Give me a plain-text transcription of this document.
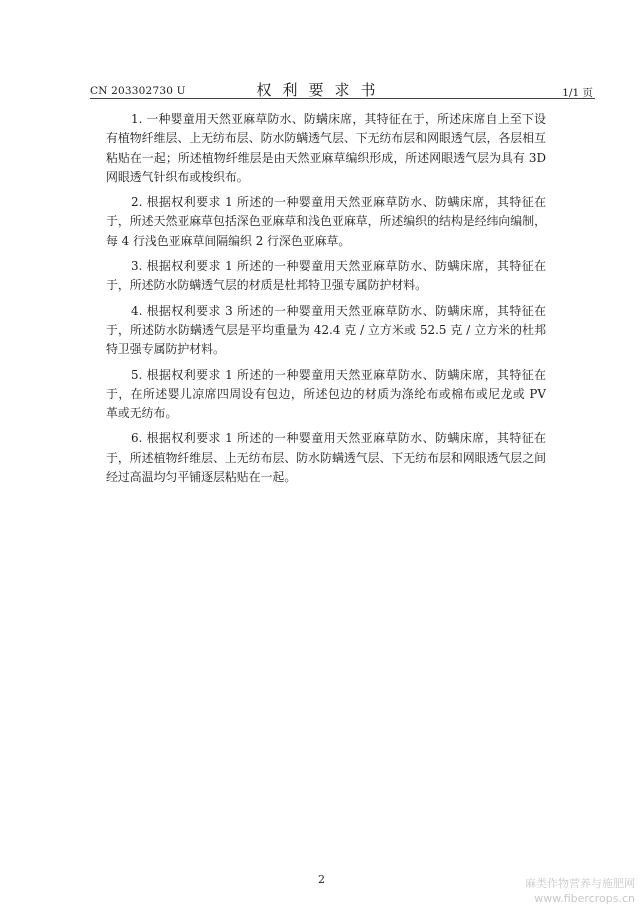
CN 203302730 U	权利要求书	1/1 页

1. 一种婴童用天然亚麻草防水、防螨床席，其特征在于，所述床席自上至下设有植物纤维层、上无纺布层、防水防螨透气层、下无纺布层和网眼透气层，各层相互粘贴在一起；所述植物纤维层是由天然亚麻草编织形成，所述网眼透气层为具有 3D 网眼透气针织布或梭织布。

2. 根据权利要求 1 所述的一种婴童用天然亚麻草防水、防螨床席，其特征在于，所述天然亚麻草包括深色亚麻草和浅色亚麻草，所述编织的结构是经纬向编制，每 4 行浅色亚麻草间隔编织 2 行深色亚麻草。

3. 根据权利要求 1 所述的一种婴童用天然亚麻草防水、防螨床席，其特征在于，所述防水防螨透气层的材质是杜邦特卫强专属防护材料。

4. 根据权利要求 3 所述的一种婴童用天然亚麻草防水、防螨床席，其特征在于，所述防水防螨透气层是平均重量为 42.4 克 / 立方米或 52.5 克 / 立方米的杜邦特卫强专属防护材料。

5. 根据权利要求 1 所述的一种婴童用天然亚麻草防水、防螨床席，其特征在于，在所述婴儿凉席四周设有包边，所述包边的材质为涤纶布或棉布或尼龙或 PV 革或无纺布。

6. 根据权利要求 1 所述的一种婴童用天然亚麻草防水、防螨床席，其特征在于，所述植物纤维层、上无纺布层、防水防螨透气层、下无纺布层和网眼透气层之间经过高温均匀平铺逐层粘贴在一起。

2	麻类作物营养与施肥网
www.fibercrops.cn
